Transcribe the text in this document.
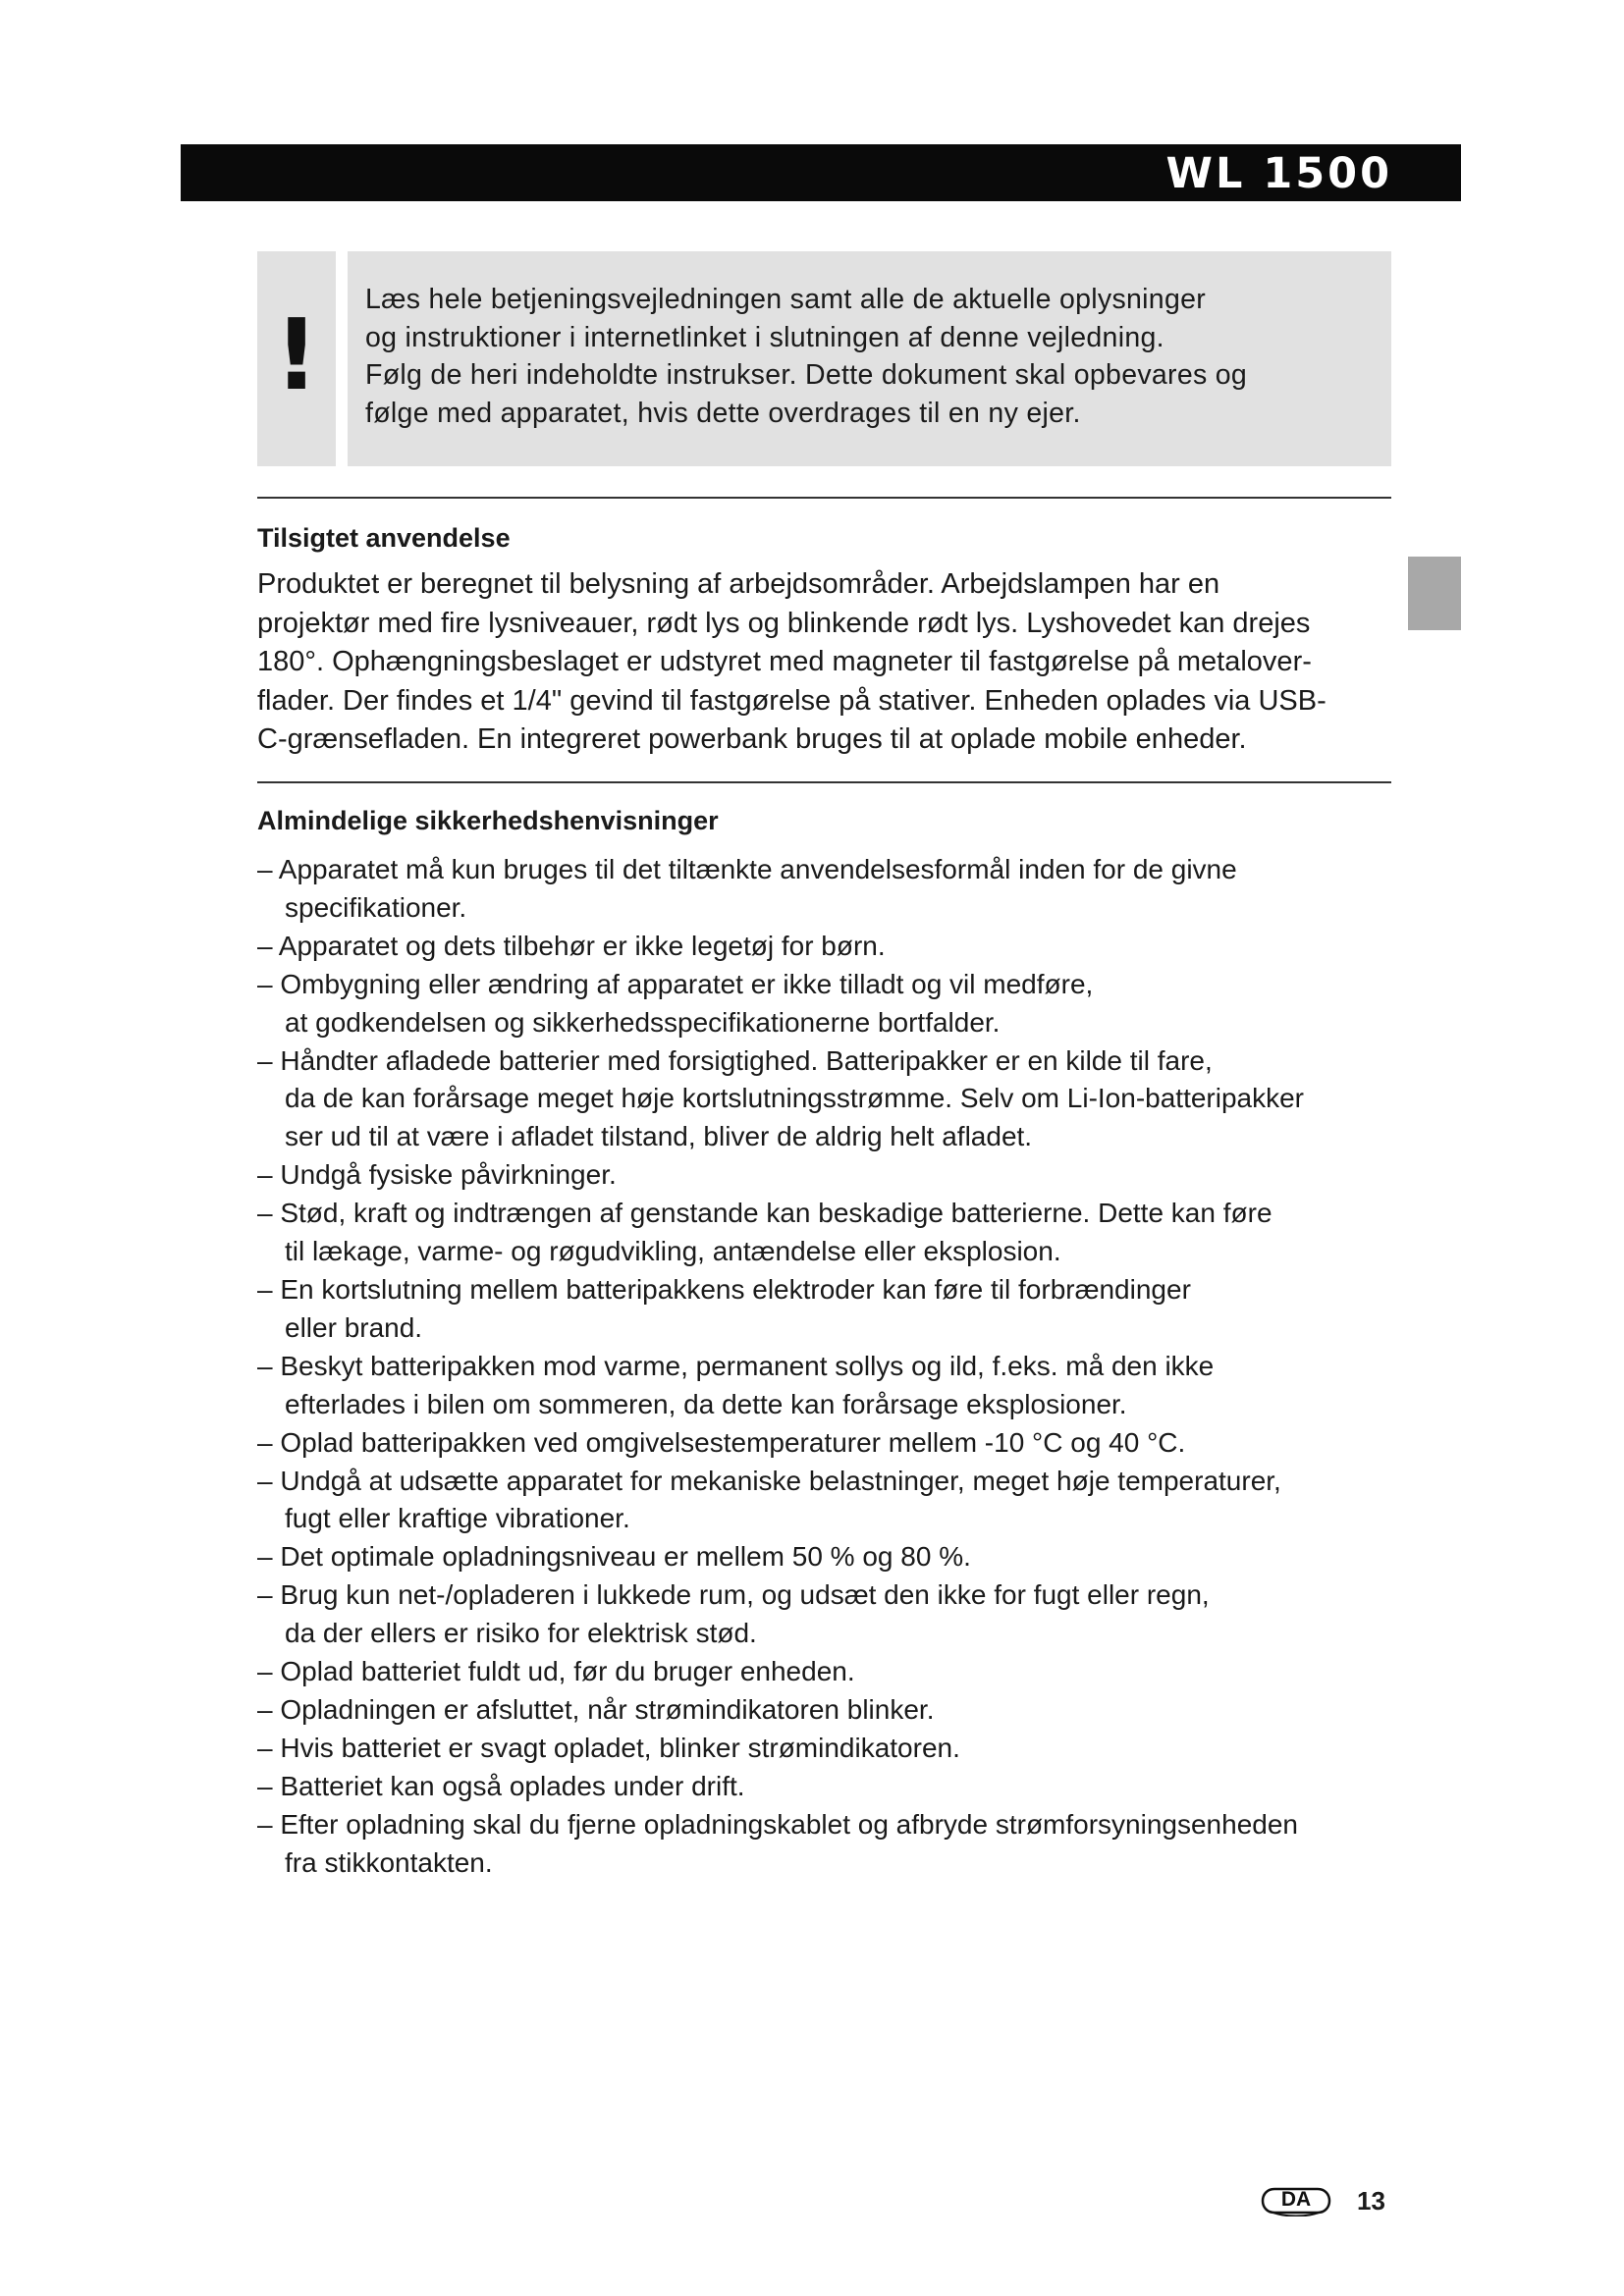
WL 1500
!	Læs hele betjeningsvejledningen samt alle de aktuelle oplysninger
og instruktioner i internetlinket i slutningen af denne vejledning.
Følg de heri indeholdte instrukser. Dette dokument skal opbevares og
følge med apparatet, hvis dette overdrages til en ny ejer.
Tilsigtet anvendelse
Produktet er beregnet til belysning af arbejdsområder. Arbejdslampen har en
projektør med fire lysniveauer, rødt lys og blinkende rødt lys. Lyshovedet kan drejes
180°. Ophængningsbeslaget er udstyret med magneter til fastgørelse på metalover-
flader. Der findes et 1/4" gevind til fastgørelse på stativer. Enheden oplades via USB-
C-grænsefladen. En integreret powerbank bruges til at oplade mobile enheder.
Almindelige sikkerhedshenvisninger
– Apparatet må kun bruges til det tiltænkte anvendelsesformål inden for de givne
specifikationer.
– Apparatet og dets tilbehør er ikke legetøj for børn.
– Ombygning eller ændring af apparatet er ikke tilladt og vil medføre,
at godkendelsen og sikkerhedsspecifikationerne bortfalder.
– Håndter afladede batterier med forsigtighed. Batteripakker er en kilde til fare,
da de kan forårsage meget høje kortslutningsstrømme. Selv om Li-Ion-batteripakker
ser ud til at være i afladet tilstand, bliver de aldrig helt afladet.
– Undgå fysiske påvirkninger.
– Stød, kraft og indtrængen af genstande kan beskadige batterierne. Dette kan føre
til lækage, varme- og røgudvikling, antændelse eller eksplosion.
– En kortslutning mellem batteripakkens elektroder kan føre til forbrændinger
eller brand.
– Beskyt batteripakken mod varme, permanent sollys og ild, f.eks. må den ikke
efterlades i bilen om sommeren, da dette kan forårsage eksplosioner.
– Oplad batteripakken ved omgivelsestemperaturer mellem -10 °C og 40 °C.
– Undgå at udsætte apparatet for mekaniske belastninger, meget høje temperaturer,
fugt eller kraftige vibrationer.
– Det optimale opladningsniveau er mellem 50 % og 80 %.
– Brug kun net-/opladeren i lukkede rum, og udsæt den ikke for fugt eller regn,
da der ellers er risiko for elektrisk stød.
– Oplad batteriet fuldt ud, før du bruger enheden.
– Opladningen er afsluttet, når strømindikatoren blinker.
– Hvis batteriet er svagt opladet, blinker strømindikatoren.
– Batteriet kan også oplades under drift.
– Efter opladning skal du fjerne opladningskablet og afbryde strømforsyningsenheden
fra stikkontakten.
DA	13
